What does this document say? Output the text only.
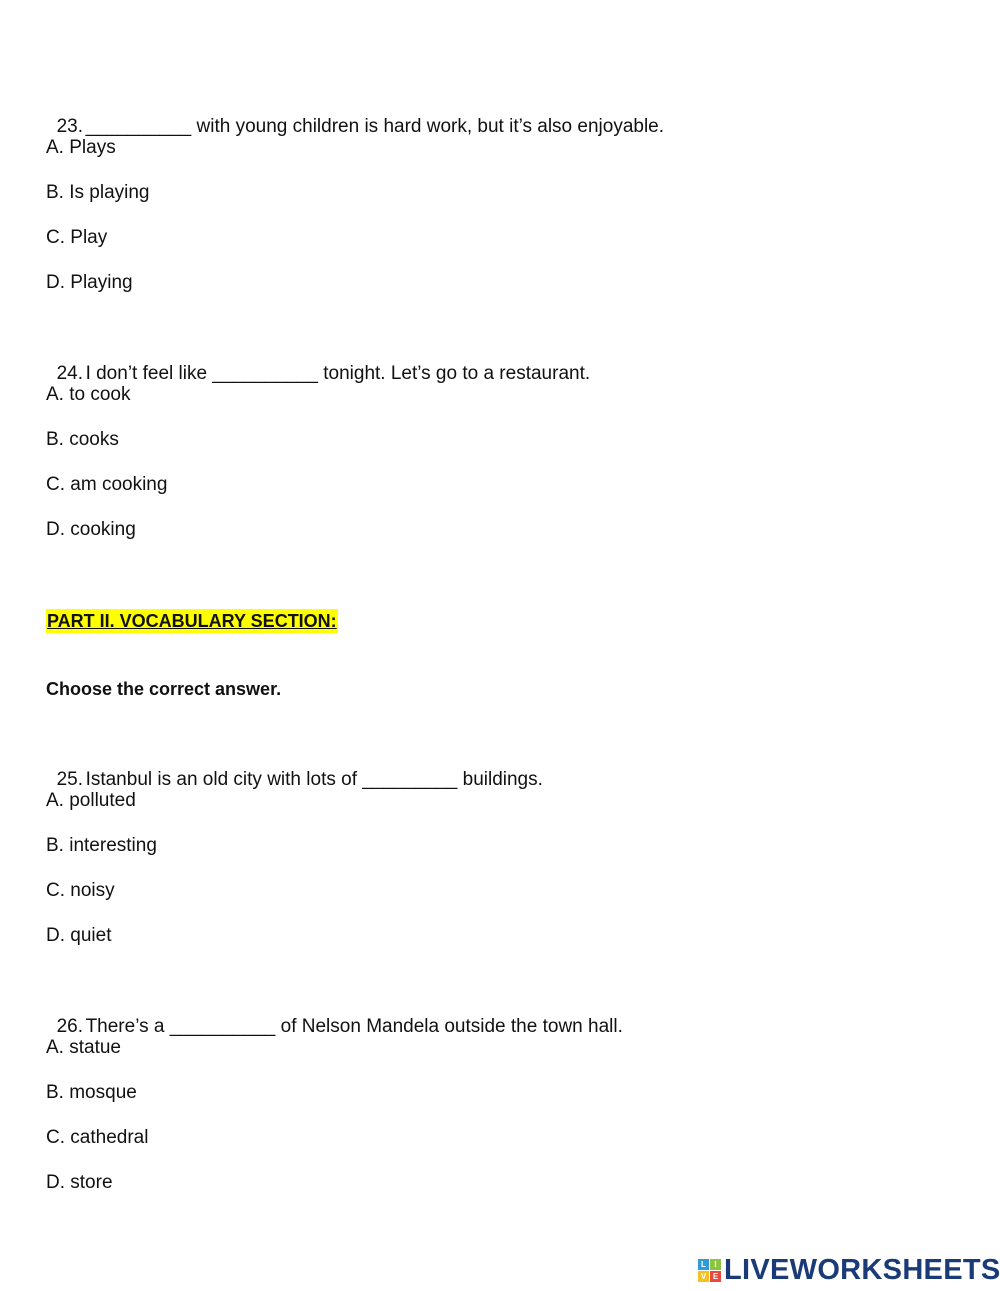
23. __________ with young children is hard work, but it’s also enjoyable.

A. Plays
B. Is playing
C. Play
D. Playing

24. I don’t feel like __________ tonight. Let’s go to a restaurant.

A. to cook
B. cooks
C. am cooking
D. cooking
PART II. VOCABULARY SECTION:
Choose the correct answer.

25. Istanbul is an old city with lots of _________ buildings.

A. polluted
B. interesting
C. noisy
D. quiet

26. There’s a __________ of Nelson Mandela outside the town hall.

A. statue
B. mosque
C. cathedral
D. store
L	I
V E LIVEWORKSHEETS
